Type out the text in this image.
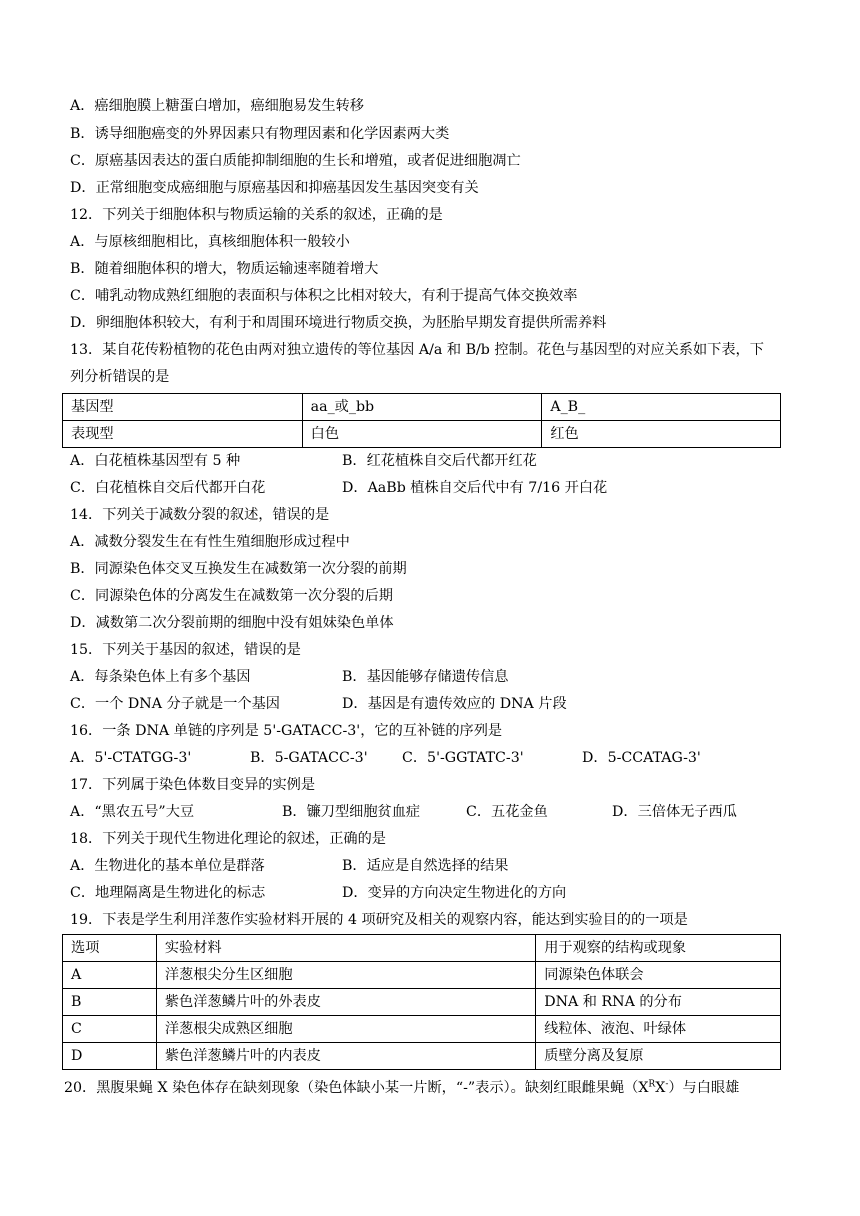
A．癌细胞膜上糖蛋白增加，癌细胞易发生转移
B．诱导细胞癌变的外界因素只有物理因素和化学因素两大类
C．原癌基因表达的蛋白质能抑制细胞的生长和增殖，或者促进细胞凋亡
D．正常细胞变成癌细胞与原癌基因和抑癌基因发生基因突变有关
12．下列关于细胞体积与物质运输的关系的叙述，正确的是
A．与原核细胞相比，真核细胞体积一般较小
B．随着细胞体积的增大，物质运输速率随着增大
C．哺乳动物成熟红细胞的表面积与体积之比相对较大，有利于提高气体交换效率
D．卵细胞体积较大，有利于和周围环境进行物质交换，为胚胎早期发育提供所需养料
13．某自花传粉植物的花色由两对独立遗传的等位基因 A/a 和 B/b 控制。花色与基因型的对应关系如下表，下
列分析错误的是
基因型	aa_或_bb	A_B_
表现型	白色	红色
A．白花植株基因型有 5 种	B．红花植株自交后代都开红花
C．白花植株自交后代都开白花	D．AaBb 植株自交后代中有 7/16 开白花
14．下列关于减数分裂的叙述，错误的是
A．减数分裂发生在有性生殖细胞形成过程中
B．同源染色体交叉互换发生在减数第一次分裂的前期
C．同源染色体的分离发生在减数第一次分裂的后期
D．减数第二次分裂前期的细胞中没有姐妹染色单体
15．下列关于基因的叙述，错误的是
A．每条染色体上有多个基因	B．基因能够存储遗传信息
C．一个 DNA 分子就是一个基因	D．基因是有遗传效应的 DNA 片段
16．一条 DNA 单链的序列是 5'-GATACC-3'，它的互补链的序列是
A．5'-CTATGG-3'	B．5-GATACC-3' C．5'-GGTATC-3'	D．5-CCATAG-3'
17．下列属于染色体数目变异的实例是
A．“黑农五号”大豆	B．镰刀型细胞贫血症	C．五花金鱼	D．三倍体无子西瓜
18．下列关于现代生物进化理论的叙述，正确的是
A．生物进化的基本单位是群落	B．适应是自然选择的结果
C．地理隔离是生物进化的标志	D．变异的方向决定生物进化的方向
19．下表是学生利用洋葱作实验材料开展的 4 项研究及相关的观察内容，能达到实验目的的一项是
选项	实验材料	用于观察的结构或现象
A	洋葱根尖分生区细胞	同源染色体联会
B	紫色洋葱鳞片叶的外表皮	DNA 和 RNA 的分布
C	洋葱根尖成熟区细胞	线粒体、液泡、叶绿体
D	紫色洋葱鳞片叶的内表皮	质壁分离及复原
20．黑腹果蝇 X 染色体存在缺刻现象（染色体缺小某一片断，“-”表示）。缺刻红眼雌果蝇$(X^RX^-)$与白眼雄
